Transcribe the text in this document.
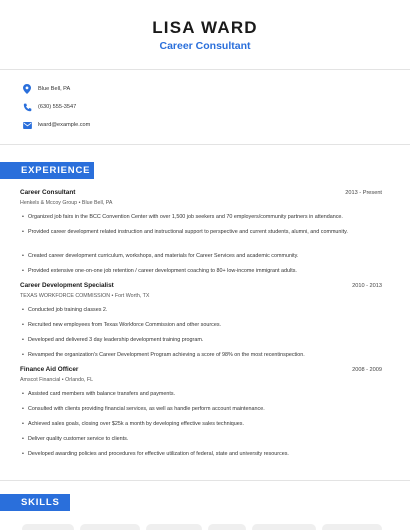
LISA WARD
Career Consultant
Blue Bell, PA
(630) 555-3547
lward@example.com
EXPERIENCE
Career Consultant	2013 - Present
Henkels & Mccoy Group • Blue Bell, PA
• Organized job fairs in the BCC Convention Center with over 1,500 job seekers and 70 employers/community partners in attendance.
• Provided career development related instruction and instructional support to perspective and current students, alumni, and community.
• Created career development curriculum, workshops, and materials for Career Services and academic community.
• Provided extensive one-on-one job retention / career development coaching to 80+ low-income immigrant adults.
Career Development Specialist	2010 - 2013
TEXAS WORKFORCE COMMISSION • Fort Worth, TX
• Conducted job training classes 2.
• Recruited new employees from Texas Workforce Commission and other sources.
• Developed and delivered 3 day leadership development training program.
• Revamped the organization's Career Development Program achieving a score of 98% on the most recentinspection.
Finance Aid Officer	2008 - 2009
Amscot Financial • Orlando, FL
• Assisted card members with balance transfers and payments.
• Consulted with clients providing financial services, as well as handle perform account maintenance.
• Achieved sales goals, closing over $25k a month by developing effective sales techniques.
• Deliver quality customer service to clients.
• Developed awarding policies and procedures for effective utilization of federal, state and university resources.
SKILLS
